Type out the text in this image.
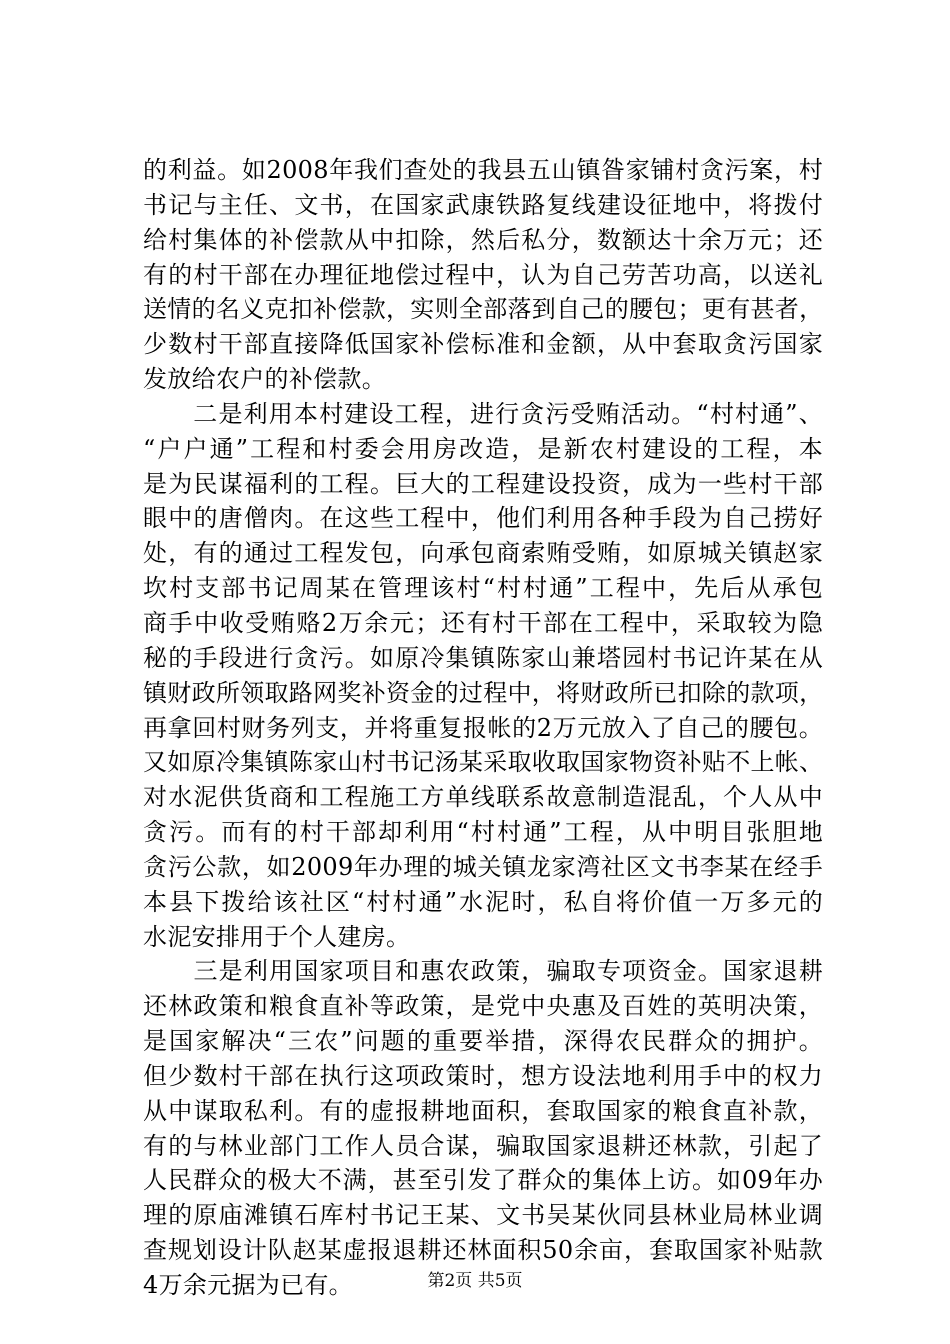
的利益。如2008年我们查处的我县五山镇昝家铺村贪污案，村
书记与主任、文书，在国家武康铁路复线建设征地中，将拨付
给村集体的补偿款从中扣除，然后私分，数额达十余万元；还
有的村干部在办理征地偿过程中，认为自己劳苦功高，以送礼
送情的名义克扣补偿款，实则全部落到自己的腰包；更有甚者，
少数村干部直接降低国家补偿标准和金额，从中套取贪污国家
发放给农户的补偿款。
　　二是利用本村建设工程，进行贪污受贿活动。“村村通”、
“户户通”工程和村委会用房改造，是新农村建设的工程，本
是为民谋福利的工程。巨大的工程建设投资，成为一些村干部
眼中的唐僧肉。在这些工程中，他们利用各种手段为自己捞好
处，有的通过工程发包，向承包商索贿受贿，如原城关镇赵家
坎村支部书记周某在管理该村“村村通”工程中，先后从承包
商手中收受贿赂2万余元；还有村干部在工程中，采取较为隐
秘的手段进行贪污。如原冷集镇陈家山兼塔园村书记许某在从
镇财政所领取路网奖补资金的过程中，将财政所已扣除的款项，
再拿回村财务列支，并将重复报帐的2万元放入了自己的腰包。
又如原冷集镇陈家山村书记汤某采取收取国家物资补贴不上帐、
对水泥供货商和工程施工方单线联系故意制造混乱，个人从中
贪污。而有的村干部却利用“村村通”工程，从中明目张胆地
贪污公款，如2009年办理的城关镇龙家湾社区文书李某在经手
本县下拨给该社区“村村通”水泥时，私自将价值一万多元的
水泥安排用于个人建房。
　　三是利用国家项目和惠农政策，骗取专项资金。国家退耕
还林政策和粮食直补等政策，是党中央惠及百姓的英明决策，
是国家解决“三农”问题的重要举措，深得农民群众的拥护。
但少数村干部在执行这项政策时，想方设法地利用手中的权力
从中谋取私利。有的虚报耕地面积，套取国家的粮食直补款，
有的与林业部门工作人员合谋，骗取国家退耕还林款，引起了
人民群众的极大不满，甚至引发了群众的集体上访。如09年办
理的原庙滩镇石库村书记王某、文书吴某伙同县林业局林业调
查规划设计队赵某虚报退耕还林面积50余亩，套取国家补贴款
4万余元据为已有。	第2页 共5页
